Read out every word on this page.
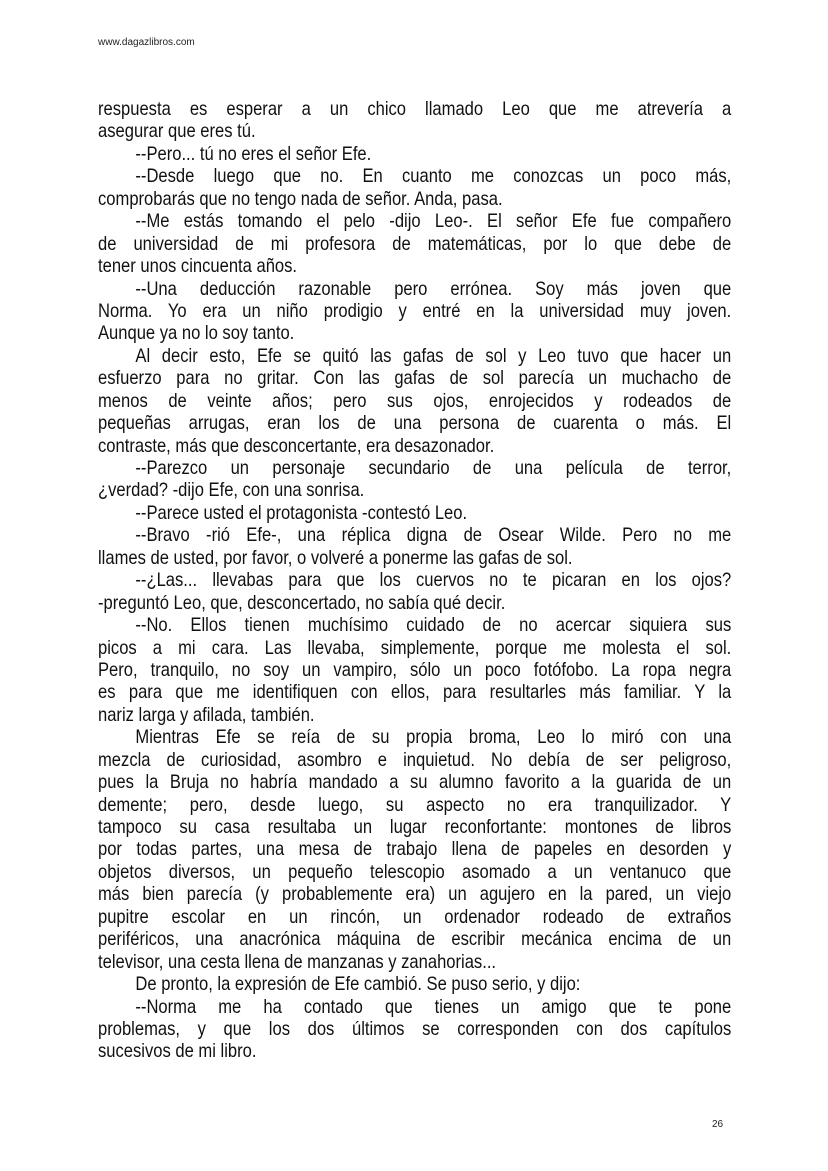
www.dagazlibros.com
respuesta es esperar a un chico llamado Leo que me atrevería a
asegurar que eres tú.
--Pero... tú no eres el señor Efe.
--Desde luego que no. En cuanto me conozcas un poco más,
comprobarás que no tengo nada de señor. Anda, pasa.
--Me estás tomando el pelo -dijo Leo-. El señor Efe fue compañero
de universidad de mi profesora de matemáticas, por lo que debe de
tener unos cincuenta años.
--Una deducción razonable pero errónea. Soy más joven que
Norma. Yo era un niño prodigio y entré en la universidad muy joven.
Aunque ya no lo soy tanto.
Al decir esto, Efe se quitó las gafas de sol y Leo tuvo que hacer un
esfuerzo para no gritar. Con las gafas de sol parecía un muchacho de
menos de veinte años; pero sus ojos, enrojecidos y rodeados de
pequeñas arrugas, eran los de una persona de cuarenta o más. El
contraste, más que desconcertante, era desazonador.
--Parezco un personaje secundario de una película de terror,
¿verdad? -dijo Efe, con una sonrisa.
--Parece usted el protagonista -contestó Leo.
--Bravo -rió Efe-, una réplica digna de Osear Wilde. Pero no me
llames de usted, por favor, o volveré a ponerme las gafas de sol.
--¿Las... llevabas para que los cuervos no te picaran en los ojos?
-preguntó Leo, que, desconcertado, no sabía qué decir.
--No. Ellos tienen muchísimo cuidado de no acercar siquiera sus
picos a mi cara. Las llevaba, simplemente, porque me molesta el sol.
Pero, tranquilo, no soy un vampiro, sólo un poco fotófobo. La ropa negra
es para que me identifiquen con ellos, para resultarles más familiar. Y la
nariz larga y afilada, también.
Mientras Efe se reía de su propia broma, Leo lo miró con una
mezcla de curiosidad, asombro e inquietud. No debía de ser peligroso,
pues la Bruja no habría mandado a su alumno favorito a la guarida de un
demente; pero, desde luego, su aspecto no era tranquilizador. Y
tampoco su casa resultaba un lugar reconfortante: montones de libros
por todas partes, una mesa de trabajo llena de papeles en desorden y
objetos diversos, un pequeño telescopio asomado a un ventanuco que
más bien parecía (y probablemente era) un agujero en la pared, un viejo
pupitre escolar en un rincón, un ordenador rodeado de extraños
periféricos, una anacrónica máquina de escribir mecánica encima de un
televisor, una cesta llena de manzanas y zanahorias...
De pronto, la expresión de Efe cambió. Se puso serio, y dijo:
--Norma me ha contado que tienes un amigo que te pone
problemas, y que los dos últimos se corresponden con dos capítulos
sucesivos de mi libro.
26
